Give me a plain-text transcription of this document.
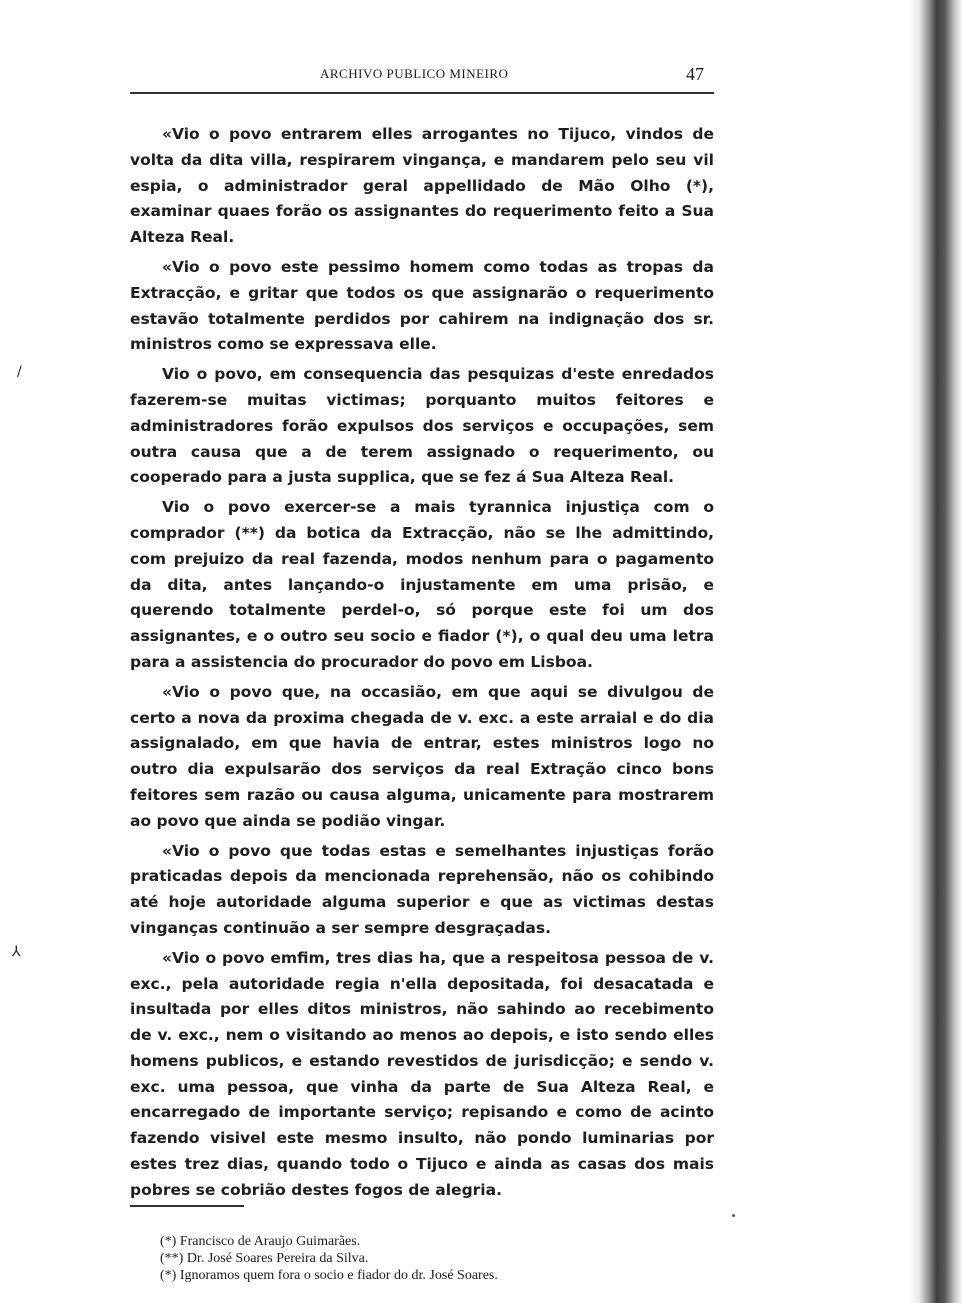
/
⅄
ARCHIVO PUBLICO MINEIRO	47

«Vio o povo entrarem elles arrogantes no Tijuco, vindos de volta da dita villa, respirarem vingança, e mandarem pelo seu vil espia, o administrador geral appellidado de Mão Olho (*), examinar quaes forão os assignantes do requerimento feito a Sua Alteza Real.

«Vio o povo este pessimo homem como todas as tropas da Extracção, e gritar que todos os que assignarão o requerimento estavão totalmente perdidos por cahirem na indignação dos sr. ministros como se expressava elle.

Vio o povo, em consequencia das pesquizas d'este enredados fazerem-se muitas victimas; porquanto muitos feitores e administradores forão expulsos dos serviços e occupações, sem outra causa que a de terem assignado o requerimento, ou cooperado para a justa supplica, que se fez á Sua Alteza Real.

Vio o povo exercer-se a mais tyrannica injustiça com o comprador (**) da botica da Extracção, não se lhe admittindo, com prejuizo da real fazenda, modos nenhum para o pagamento da dita, antes lançando-o injustamente em uma prisão, e querendo totalmente perdel-o, só porque este foi um dos assignantes, e o outro seu socio e fiador (*), o qual deu uma letra para a assistencia do procurador do povo em Lisboa.

«Vio o povo que, na occasião, em que aqui se divulgou de certo a nova da proxima chegada de v. exc. a este arraial e do dia assignalado, em que havia de entrar, estes ministros logo no outro dia expulsarão dos serviços da real Extração cinco bons feitores sem razão ou causa alguma, unicamente para mostrarem ao povo que ainda se podião vingar.

«Vio o povo que todas estas e semelhantes injustiças forão praticadas depois da mencionada reprehensão, não os cohibindo até hoje autoridade alguma superior e que as victimas destas vinganças continuão a ser sempre desgraçadas.

«Vio o povo emfim, tres dias ha, que a respeitosa pessoa de v. exc., pela autoridade regia n'ella depositada, foi desacatada e insultada por elles ditos ministros, não sahindo ao recebimento de v. exc., nem o visitando ao menos ao depois, e isto sendo elles homens publicos, e estando revestidos de jurisdicção; e sendo v. exc. uma pessoa, que vinha da parte de Sua Alteza Real, e encarregado de importante serviço; repisando e como de acinto fazendo visivel este mesmo insulto, não pondo luminarias por estes trez dias, quando todo o Tijuco e ainda as casas dos mais pobres se cobrião destes fogos de alegria.

(*) Francisco de Araujo Guimarães.
(**) Dr. José Soares Pereira da Silva.
(*) Ignoramos quem fora o socio e fiador do dr. José Soares.
